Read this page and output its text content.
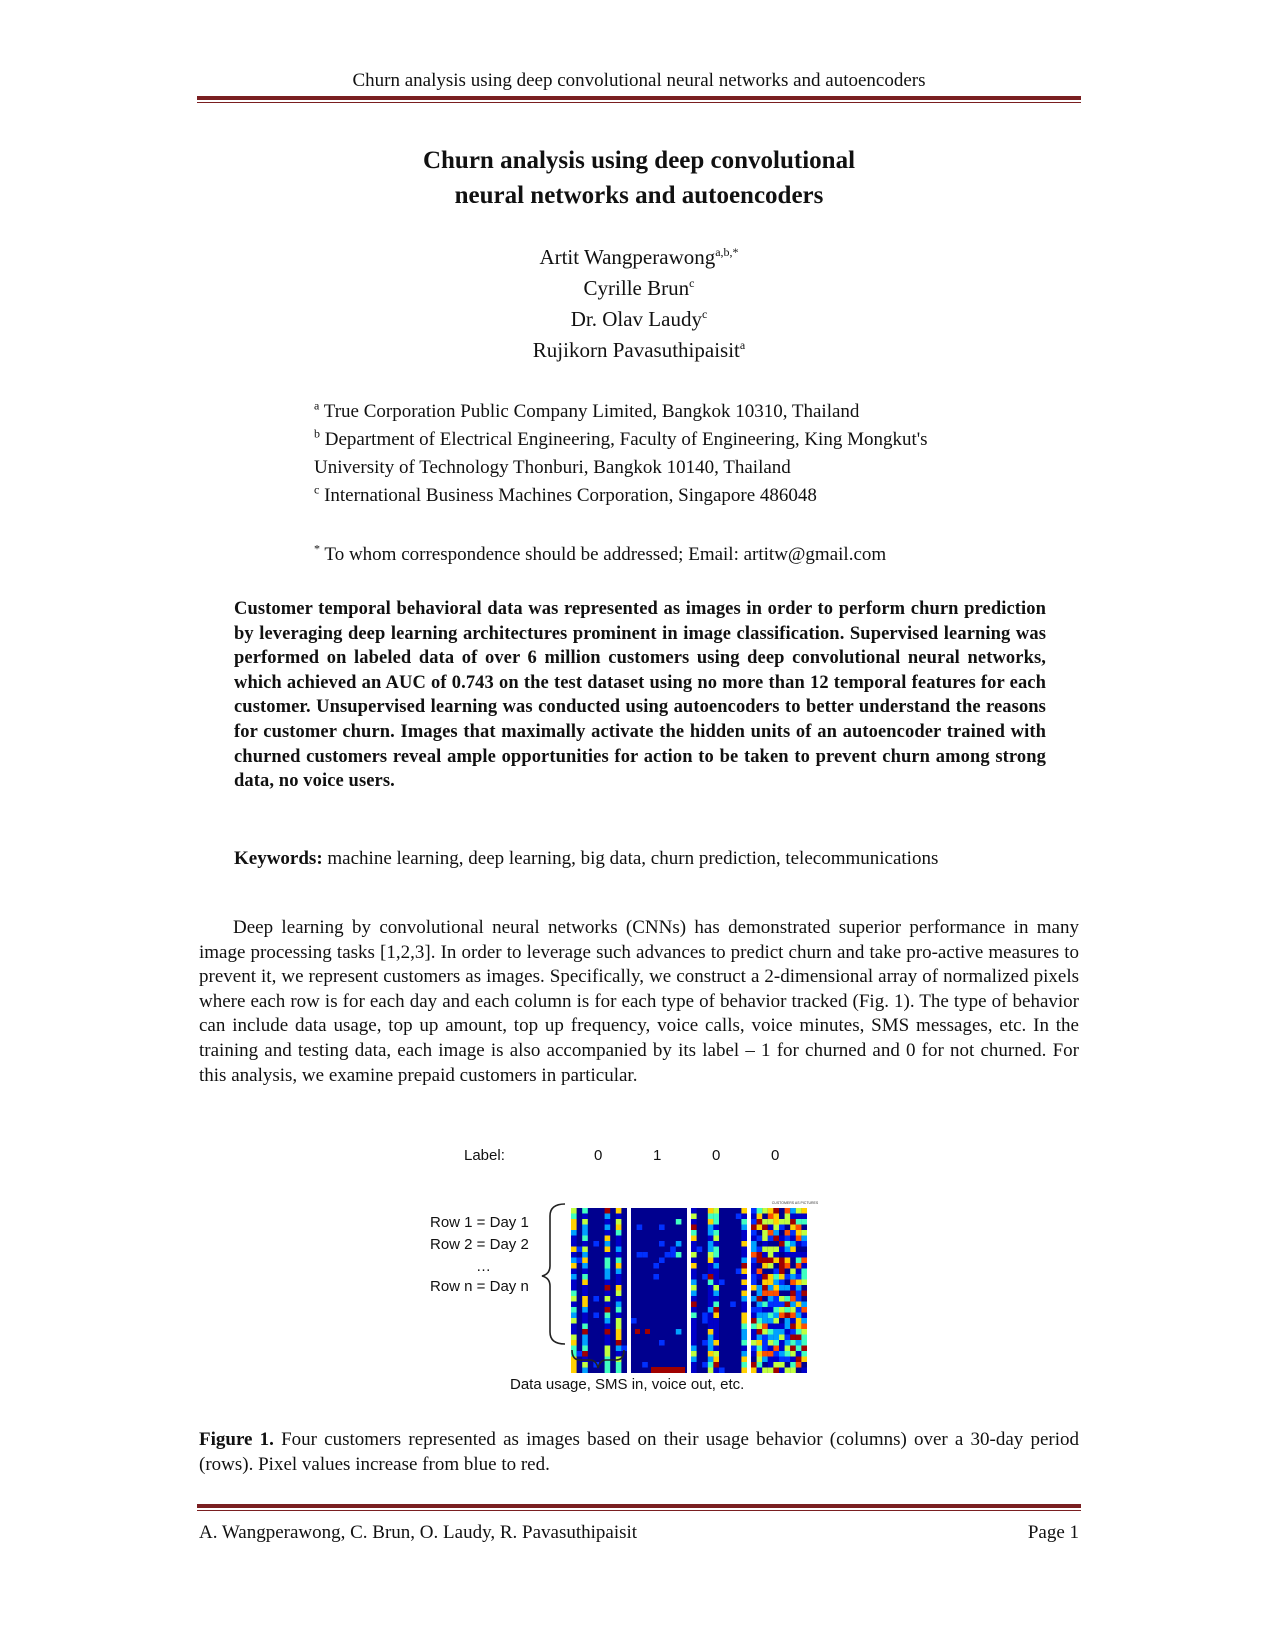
Churn analysis using deep convolutional neural networks and autoencoders
Churn analysis using deep convolutional
neural networks and autoencoders
Artit Wangperawong$^{a,b,*}$
Cyrille Brun$^c$
Dr. Olav Laudy$^c$
Rujikorn Pavasuthipaisit$^a$
$^a$ True Corporation Public Company Limited, Bangkok 10310, Thailand
$^b$ Department of Electrical Engineering, Faculty of Engineering, King Mongkut's University of Technology Thonburi, Bangkok 10140, Thailand
$^c$ International Business Machines Corporation, Singapore 486048
* To whom correspondence should be addressed; Email: artitw@gmail.com
Customer temporal behavioral data was represented as images in order to perform churn prediction by leveraging deep learning architectures prominent in image classification. Supervised learning was performed on labeled data of over 6 million customers using deep convolutional neural networks, which achieved an AUC of 0.743 on the test dataset using no more than 12 temporal features for each customer. Unsupervised learning was conducted using autoencoders to better understand the reasons for customer churn. Images that maximally activate the hidden units of an autoencoder trained with churned customers reveal ample opportunities for action to be taken to prevent churn among strong data, no voice users.
Keywords: machine learning, deep learning, big data, churn prediction, telecommunications
Deep learning by convolutional neural networks (CNNs) has demonstrated superior performance in many image processing tasks [1,2,3]. In order to leverage such advances to predict churn and take pro-active measures to prevent it, we represent customers as images. Specifically, we construct a 2-dimensional array of normalized pixels where each row is for each day and each column is for each type of behavior tracked (Fig. 1). The type of behavior can include data usage, top up amount, top up frequency, voice calls, voice minutes, SMS messages, etc. In the training and testing data, each image is also accompanied by its label – 1 for churned and 0 for not churned. For this analysis, we examine prepaid customers in particular.
Label:	0	1	0	0
Row 1 = Day 1
Row 2 = Day 2
…
Row n = Day n
CUSTOMERS AS PICTURES
Data usage, SMS in, voice out, etc.
Figure 1. Four customers represented as images based on their usage behavior (columns) over a 30-day period (rows). Pixel values increase from blue to red.
A. Wangperawong, C. Brun, O. Laudy, R. Pavasuthipaisit	Page 1
